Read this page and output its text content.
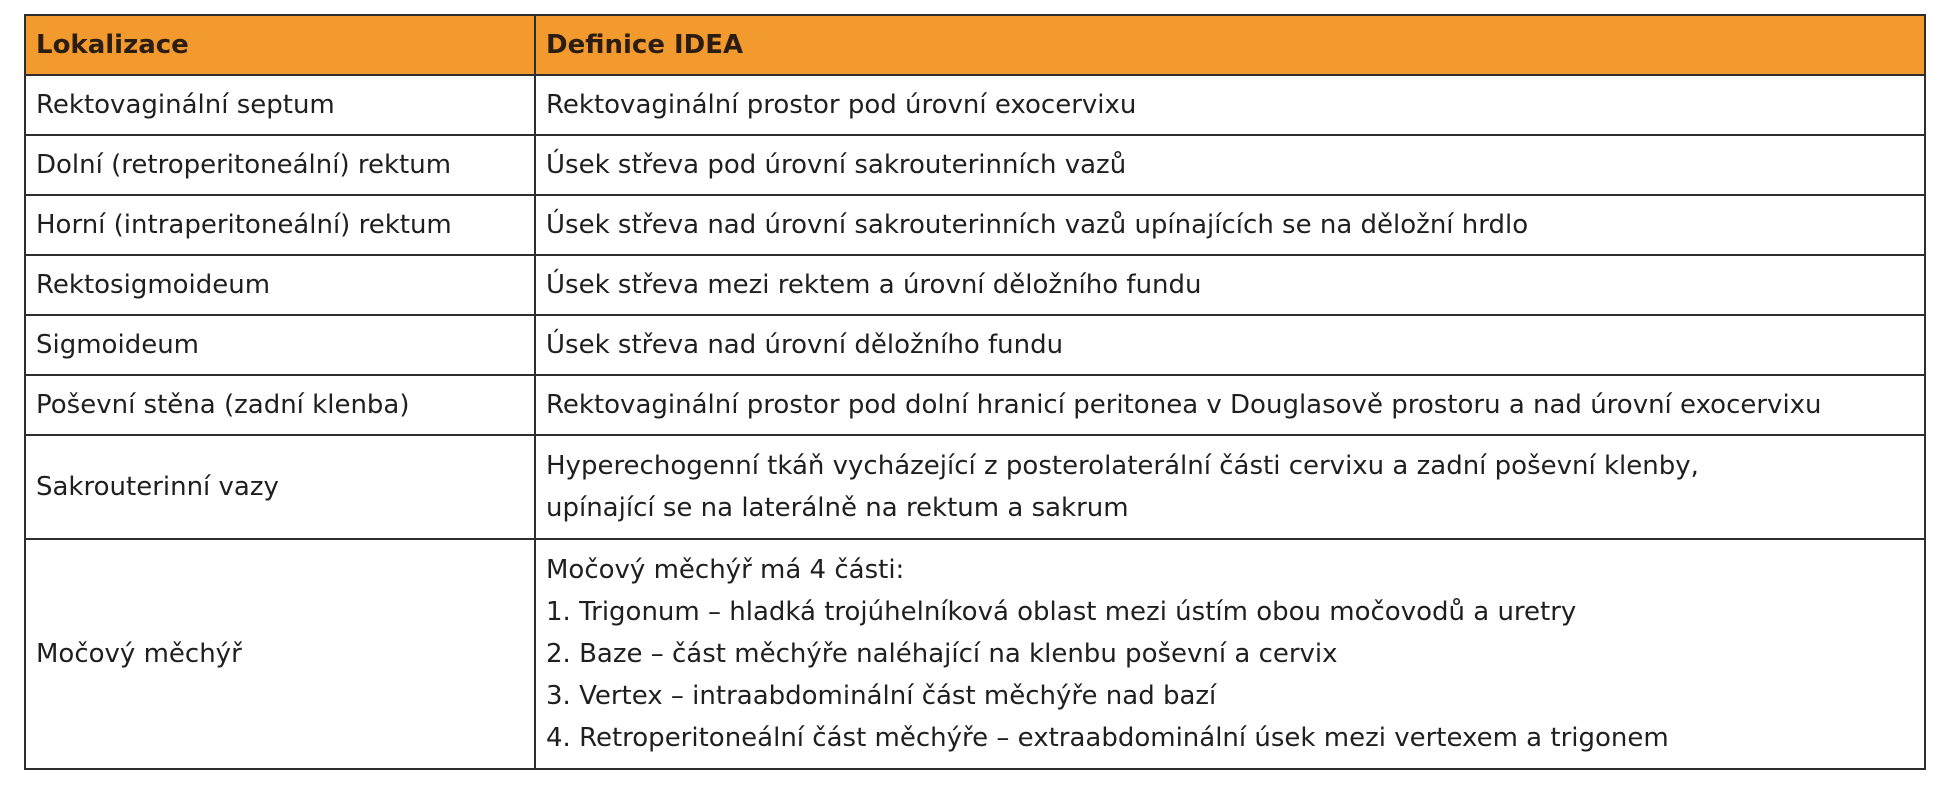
Lokalizace	Definice IDEA
Rektovaginální septum	Rektovaginální prostor pod úrovní exocervixu

Dolní (retroperitoneální) rektum	Úsek střeva pod úrovní sakrouterinních vazů

Horní (intraperitoneální) rektum	Úsek střeva nad úrovní sakrouterinních vazů upínajících se na děložní hrdlo

Rektosigmoideum	Úsek střeva mezi rektem a úrovní děložního fundu

Sigmoideum	Úsek střeva nad úrovní děložního fundu

Poševní stěna (zadní klenba)	Rektovaginální prostor pod dolní hranicí peritonea v Douglasově prostoru a nad úrovní exocervixu

Sakrouterinní vazy	Hyperechogenní tkáň vycházející z posterolaterální části cervixu a zadní poševní klenby,
upínající se na laterálně na rektum a sakrum

Močový měchýř	Močový měchýř má 4 části:
1. Trigonum – hladká trojúhelníková oblast mezi ústím obou močovodů a uretry
2. Baze – část měchýře naléhající na klenbu poševní a cervix
3. Vertex – intraabdominální část měchýře nad bazí
4. Retroperitoneální část měchýře – extraabdominální úsek mezi vertexem a trigonem
